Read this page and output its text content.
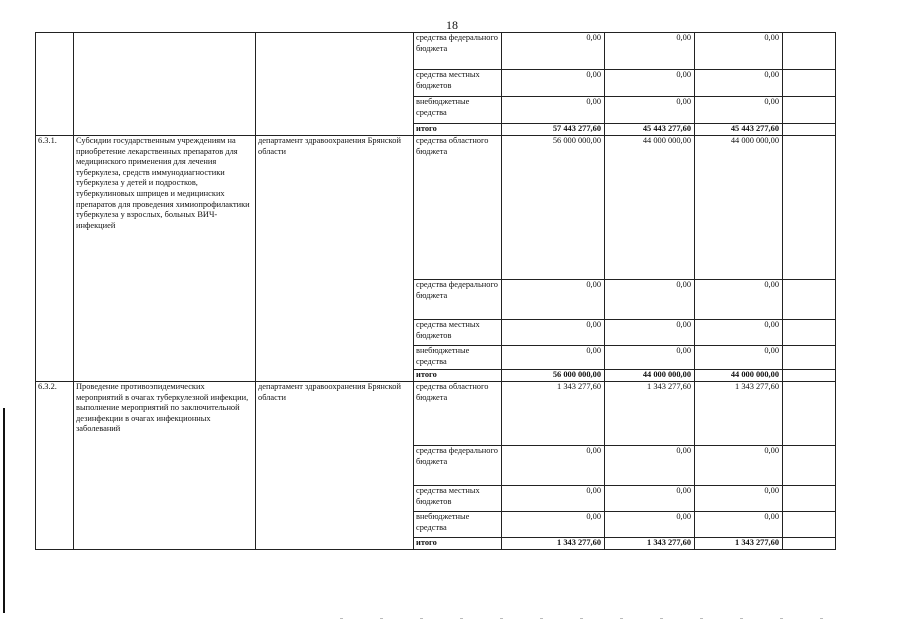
18
			средства федерального бюджета	0,00	0,00	0,00	
			средства местных бюджетов	0,00	0,00	0,00	
			внебюджетные средства	0,00	0,00	0,00	
			итого	57 443 277,60	45 443 277,60	45 443 277,60	
6.3.1.	Субсидии государственным учреждениям на приобретение лекарственных препаратов для медицинского применения для лечения туберкулеза, средств иммунодиагностики туберкулеза у детей и подростков, туберкулиновых шприцев и медицинских препаратов для проведения химиопрофилактики туберкулеза у взрослых, больных ВИЧ-инфекцией	департамент здравоохранения Брянской области	средства областного бюджета	56 000 000,00	44 000 000,00	44 000 000,00	
			средства федерального бюджета	0,00	0,00	0,00	
			средства местных бюджетов	0,00	0,00	0,00	
			внебюджетные средства	0,00	0,00	0,00	
			итого	56 000 000,00	44 000 000,00	44 000 000,00	
6.3.2.	Проведение противоэпидемических мероприятий в очагах туберкулезной инфекции, выполнение мероприятий по заключительной дезинфекции в очагах инфекционных заболеваний	департамент здравоохранения Брянской области	средства областного бюджета	1 343 277,60	1 343 277,60	1 343 277,60	
			средства федерального бюджета	0,00	0,00	0,00	
			средства местных бюджетов	0,00	0,00	0,00	
			внебюджетные средства	0,00	0,00	0,00	
			итого	1 343 277,60	1 343 277,60	1 343 277,60	
